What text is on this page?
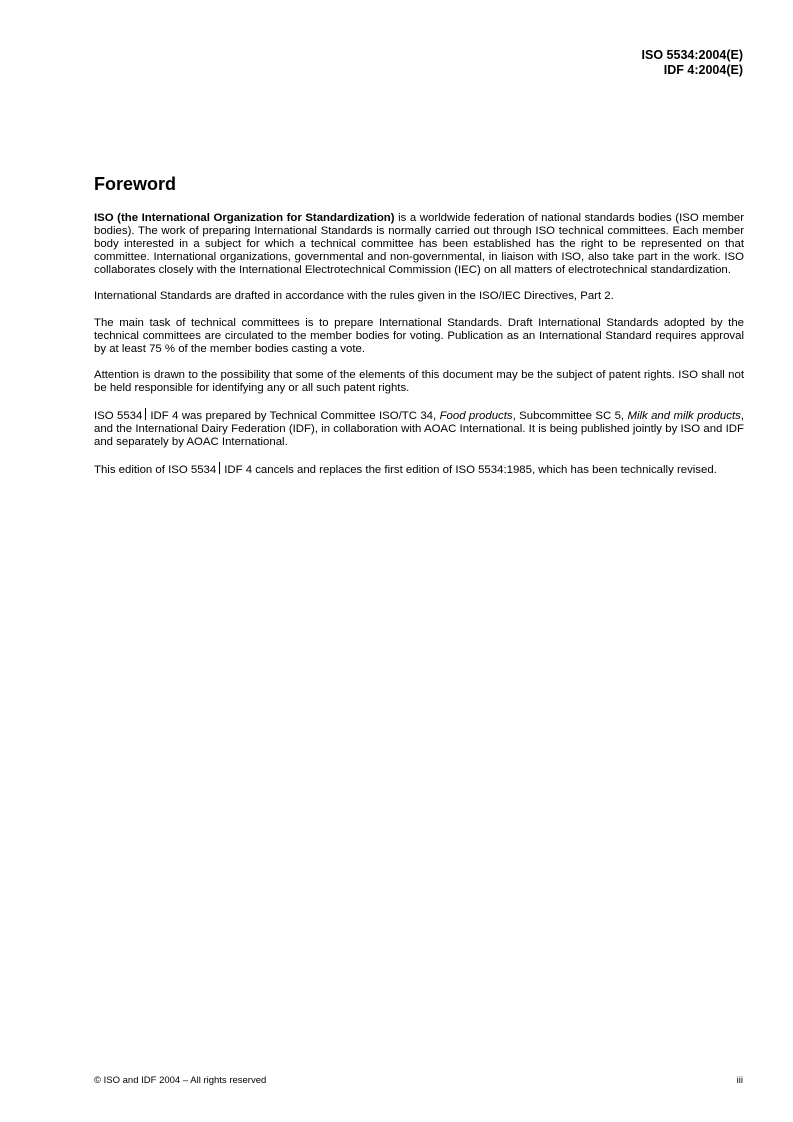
ISO 5534:2004(E)
IDF 4:2004(E)
Foreword

ISO (the International Organization for Standardization) is a worldwide federation of national standards bodies (ISO member bodies). The work of preparing International Standards is normally carried out through ISO technical committees. Each member body interested in a subject for which a technical committee has been established has the right to be represented on that committee. International organizations, governmental and non-governmental, in liaison with ISO, also take part in the work. ISO collaborates closely with the International Electrotechnical Commission (IEC) on all matters of electrotechnical standardization.

International Standards are drafted in accordance with the rules given in the ISO/IEC Directives, Part 2.

The main task of technical committees is to prepare International Standards. Draft International Standards adopted by the technical committees are circulated to the member bodies for voting. Publication as an International Standard requires approval by at least 75 % of the member bodies casting a vote.

Attention is drawn to the possibility that some of the elements of this document may be the subject of patent rights. ISO shall not be held responsible for identifying any or all such patent rights.

ISO 5534 IDF 4 was prepared by Technical Committee ISO/TC 34, Food products, Subcommittee SC 5, Milk and milk products, and the International Dairy Federation (IDF), in collaboration with AOAC International. It is being published jointly by ISO and IDF and separately by AOAC International.

This edition of ISO 5534 IDF 4 cancels and replaces the first edition of ISO 5534:1985, which has been technically revised.

© ISO and IDF 2004 – All rights reserved	iii
